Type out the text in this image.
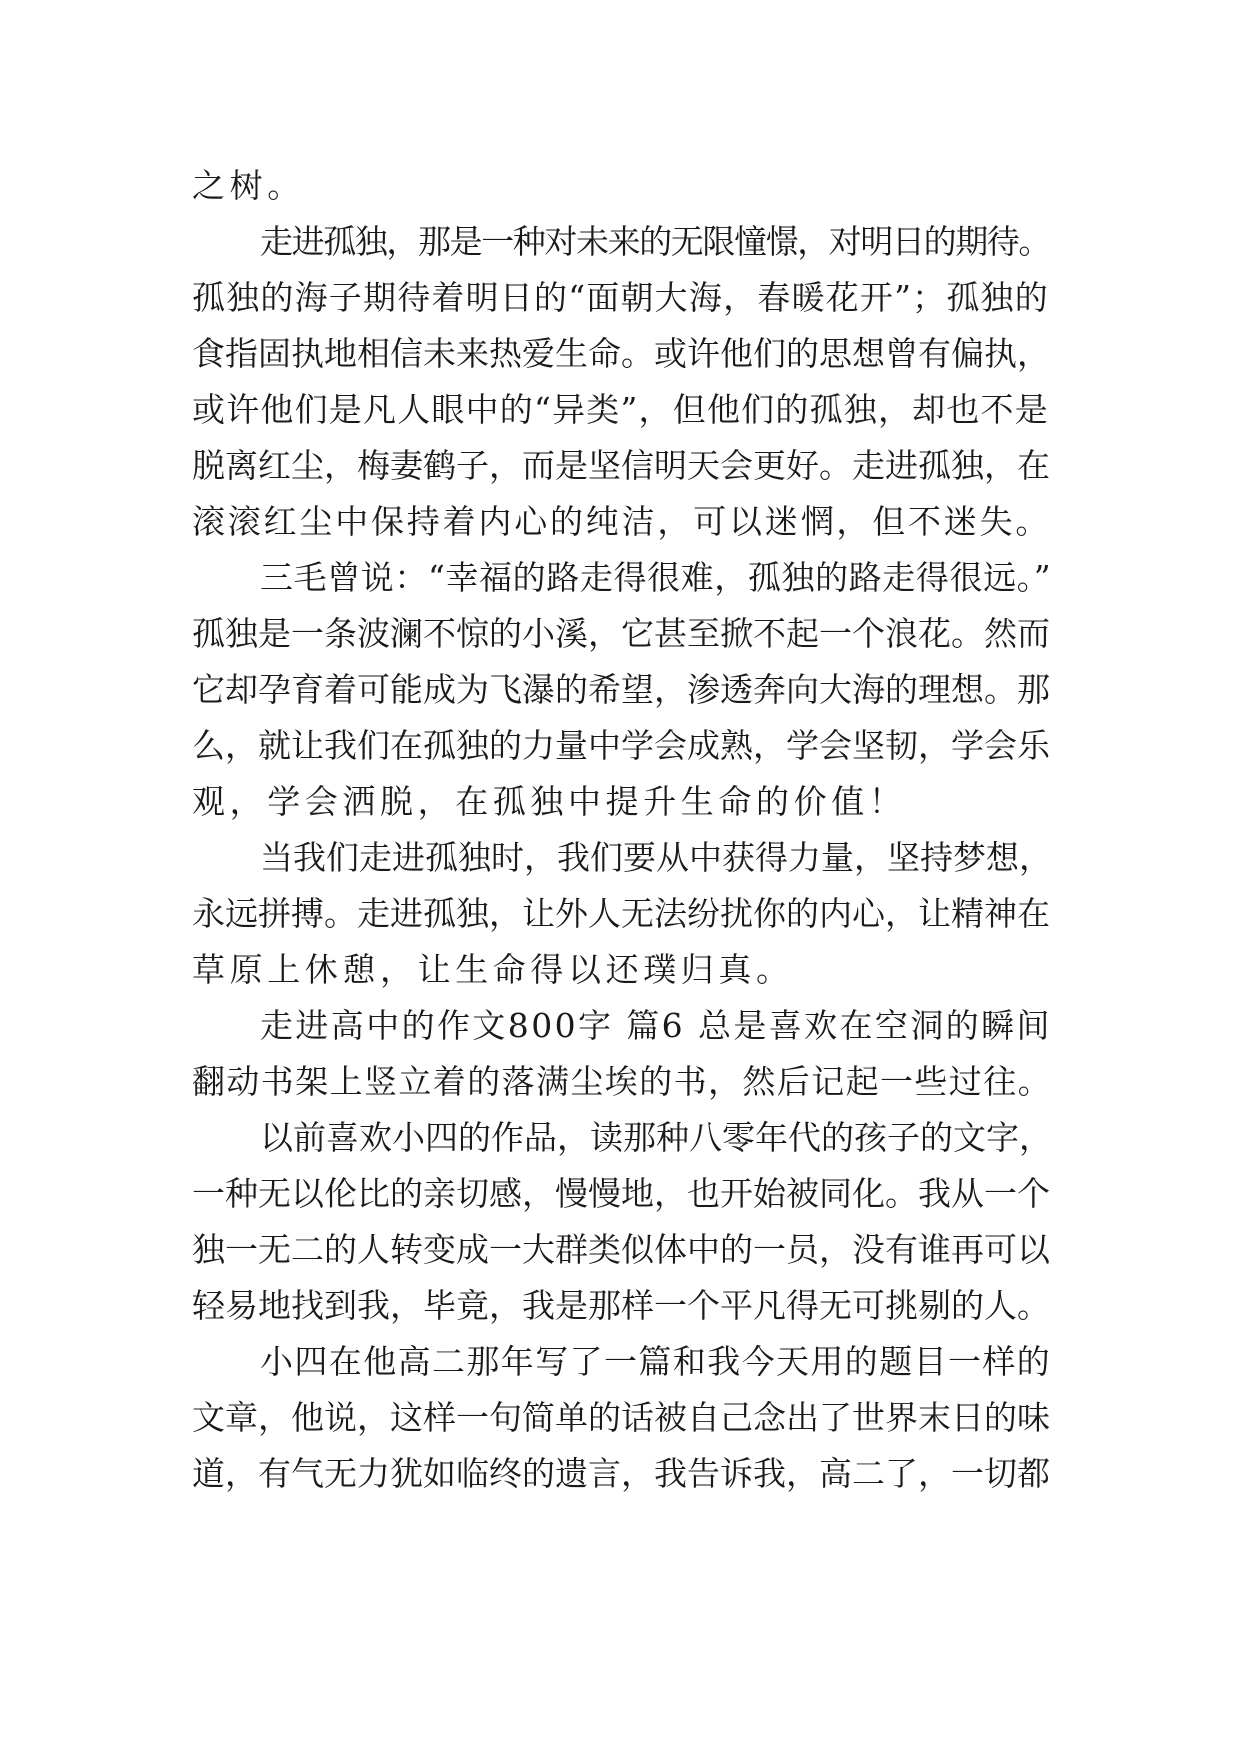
之树。
走进孤独，那是一种对未来的无限憧憬，对明日的期待。
孤独的海子期待着明日的“面朝大海，春暖花开”；孤独的
食指固执地相信未来热爱生命。或许他们的思想曾有偏执，
或许他们是凡人眼中的“异类”，但他们的孤独，却也不是
脱离红尘，梅妻鹤子，而是坚信明天会更好。走进孤独，在
滚滚红尘中保持着内心的纯洁，可以迷惘，但不迷失。
三毛曾说：“幸福的路走得很难，孤独的路走得很远。”
孤独是一条波澜不惊的小溪，它甚至掀不起一个浪花。然而
它却孕育着可能成为飞瀑的希望，渗透奔向大海的理想。那
么，就让我们在孤独的力量中学会成熟，学会坚韧，学会乐
观，学会洒脱，在孤独中提升生命的价值！
当我们走进孤独时，我们要从中获得力量，坚持梦想，
永远拼搏。走进孤独，让外人无法纷扰你的内心，让精神在
草原上休憩，让生命得以还璞归真。
走进高中的作文800字 篇6 总是喜欢在空洞的瞬间
翻动书架上竖立着的落满尘埃的书，然后记起一些过往。
以前喜欢小四的作品，读那种八零年代的孩子的文字，
一种无以伦比的亲切感，慢慢地，也开始被同化。我从一个
独一无二的人转变成一大群类似体中的一员，没有谁再可以
轻易地找到我，毕竟，我是那样一个平凡得无可挑剔的人。
小四在他高二那年写了一篇和我今天用的题目一样的
文章，他说，这样一句简单的话被自己念出了世界末日的味
道，有气无力犹如临终的遗言，我告诉我，高二了，一切都
